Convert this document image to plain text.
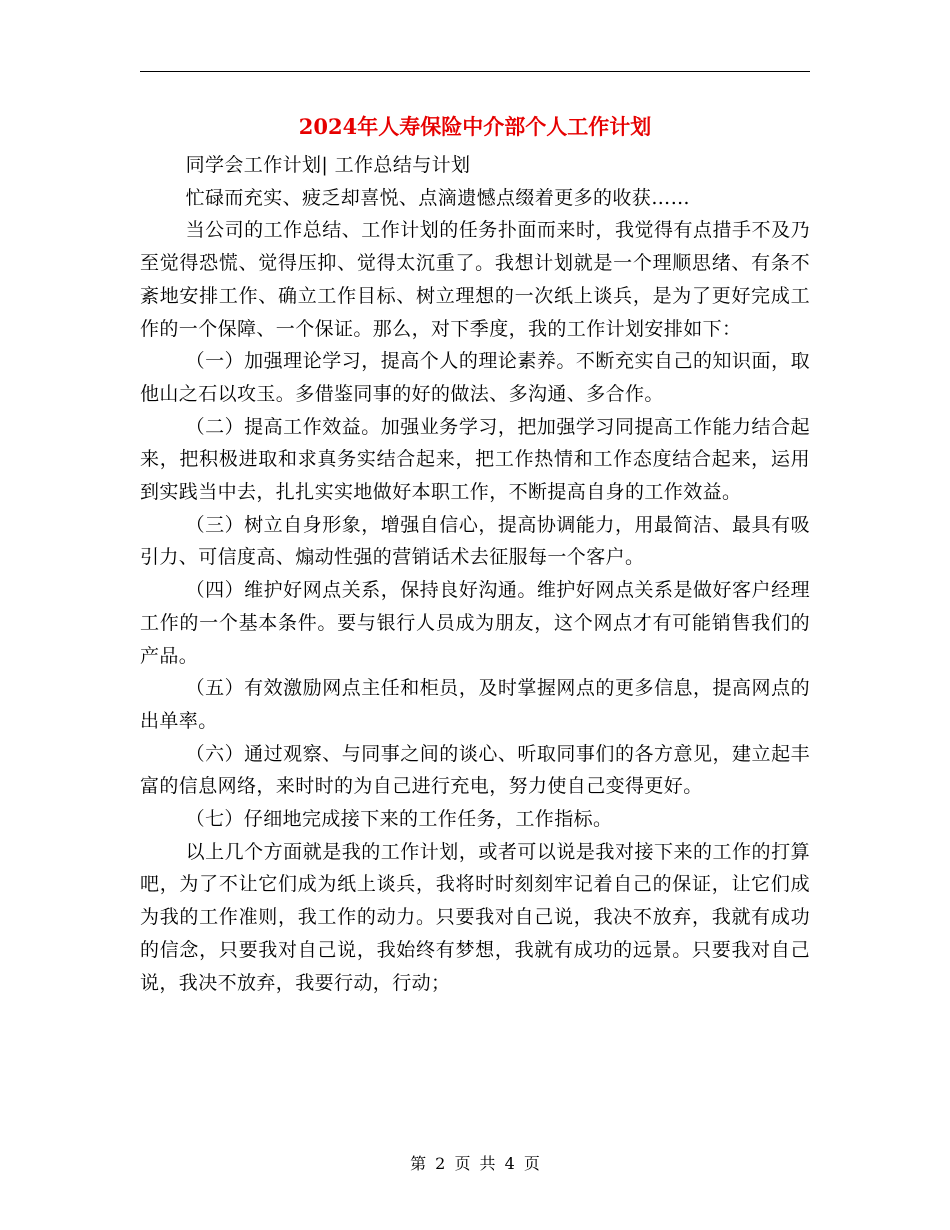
2024年人寿保险中介部个人工作计划

同学会工作计划| 工作总结与计划

忙碌而充实、疲乏却喜悦、点滴遗憾点缀着更多的收获……

当公司的工作总结、工作计划的任务扑面而来时，我觉得有点措手不及乃至觉得恐慌、觉得压抑、觉得太沉重了。我想计划就是一个理顺思绪、有条不紊地安排工作、确立工作目标、树立理想的一次纸上谈兵，是为了更好完成工作的一个保障、一个保证。那么，对下季度，我的工作计划安排如下：

（一）加强理论学习，提高个人的理论素养。不断充实自己的知识面，取他山之石以攻玉。多借鉴同事的好的做法、多沟通、多合作。

（二）提高工作效益。加强业务学习，把加强学习同提高工作能力结合起来，把积极进取和求真务实结合起来，把工作热情和工作态度结合起来，运用到实践当中去，扎扎实实地做好本职工作，不断提高自身的工作效益。

（三）树立自身形象，增强自信心，提高协调能力，用最简洁、最具有吸引力、可信度高、煽动性强的营销话术去征服每一个客户。

（四）维护好网点关系，保持良好沟通。维护好网点关系是做好客户经理工作的一个基本条件。要与银行人员成为朋友，这个网点才有可能销售我们的产品。

（五）有效激励网点主任和柜员，及时掌握网点的更多信息，提高网点的出单率。

（六）通过观察、与同事之间的谈心、听取同事们的各方意见，建立起丰富的信息网络，来时时的为自己进行充电，努力使自己变得更好。

（七）仔细地完成接下来的工作任务，工作指标。

以上几个方面就是我的工作计划，或者可以说是我对接下来的工作的打算吧，为了不让它们成为纸上谈兵，我将时时刻刻牢记着自己的保证，让它们成为我的工作准则，我工作的动力。只要我对自己说，我决不放弃，我就有成功的信念，只要我对自己说，我始终有梦想，我就有成功的远景。只要我对自己说，我决不放弃，我要行动，行动；

第 2 页 共 4 页
